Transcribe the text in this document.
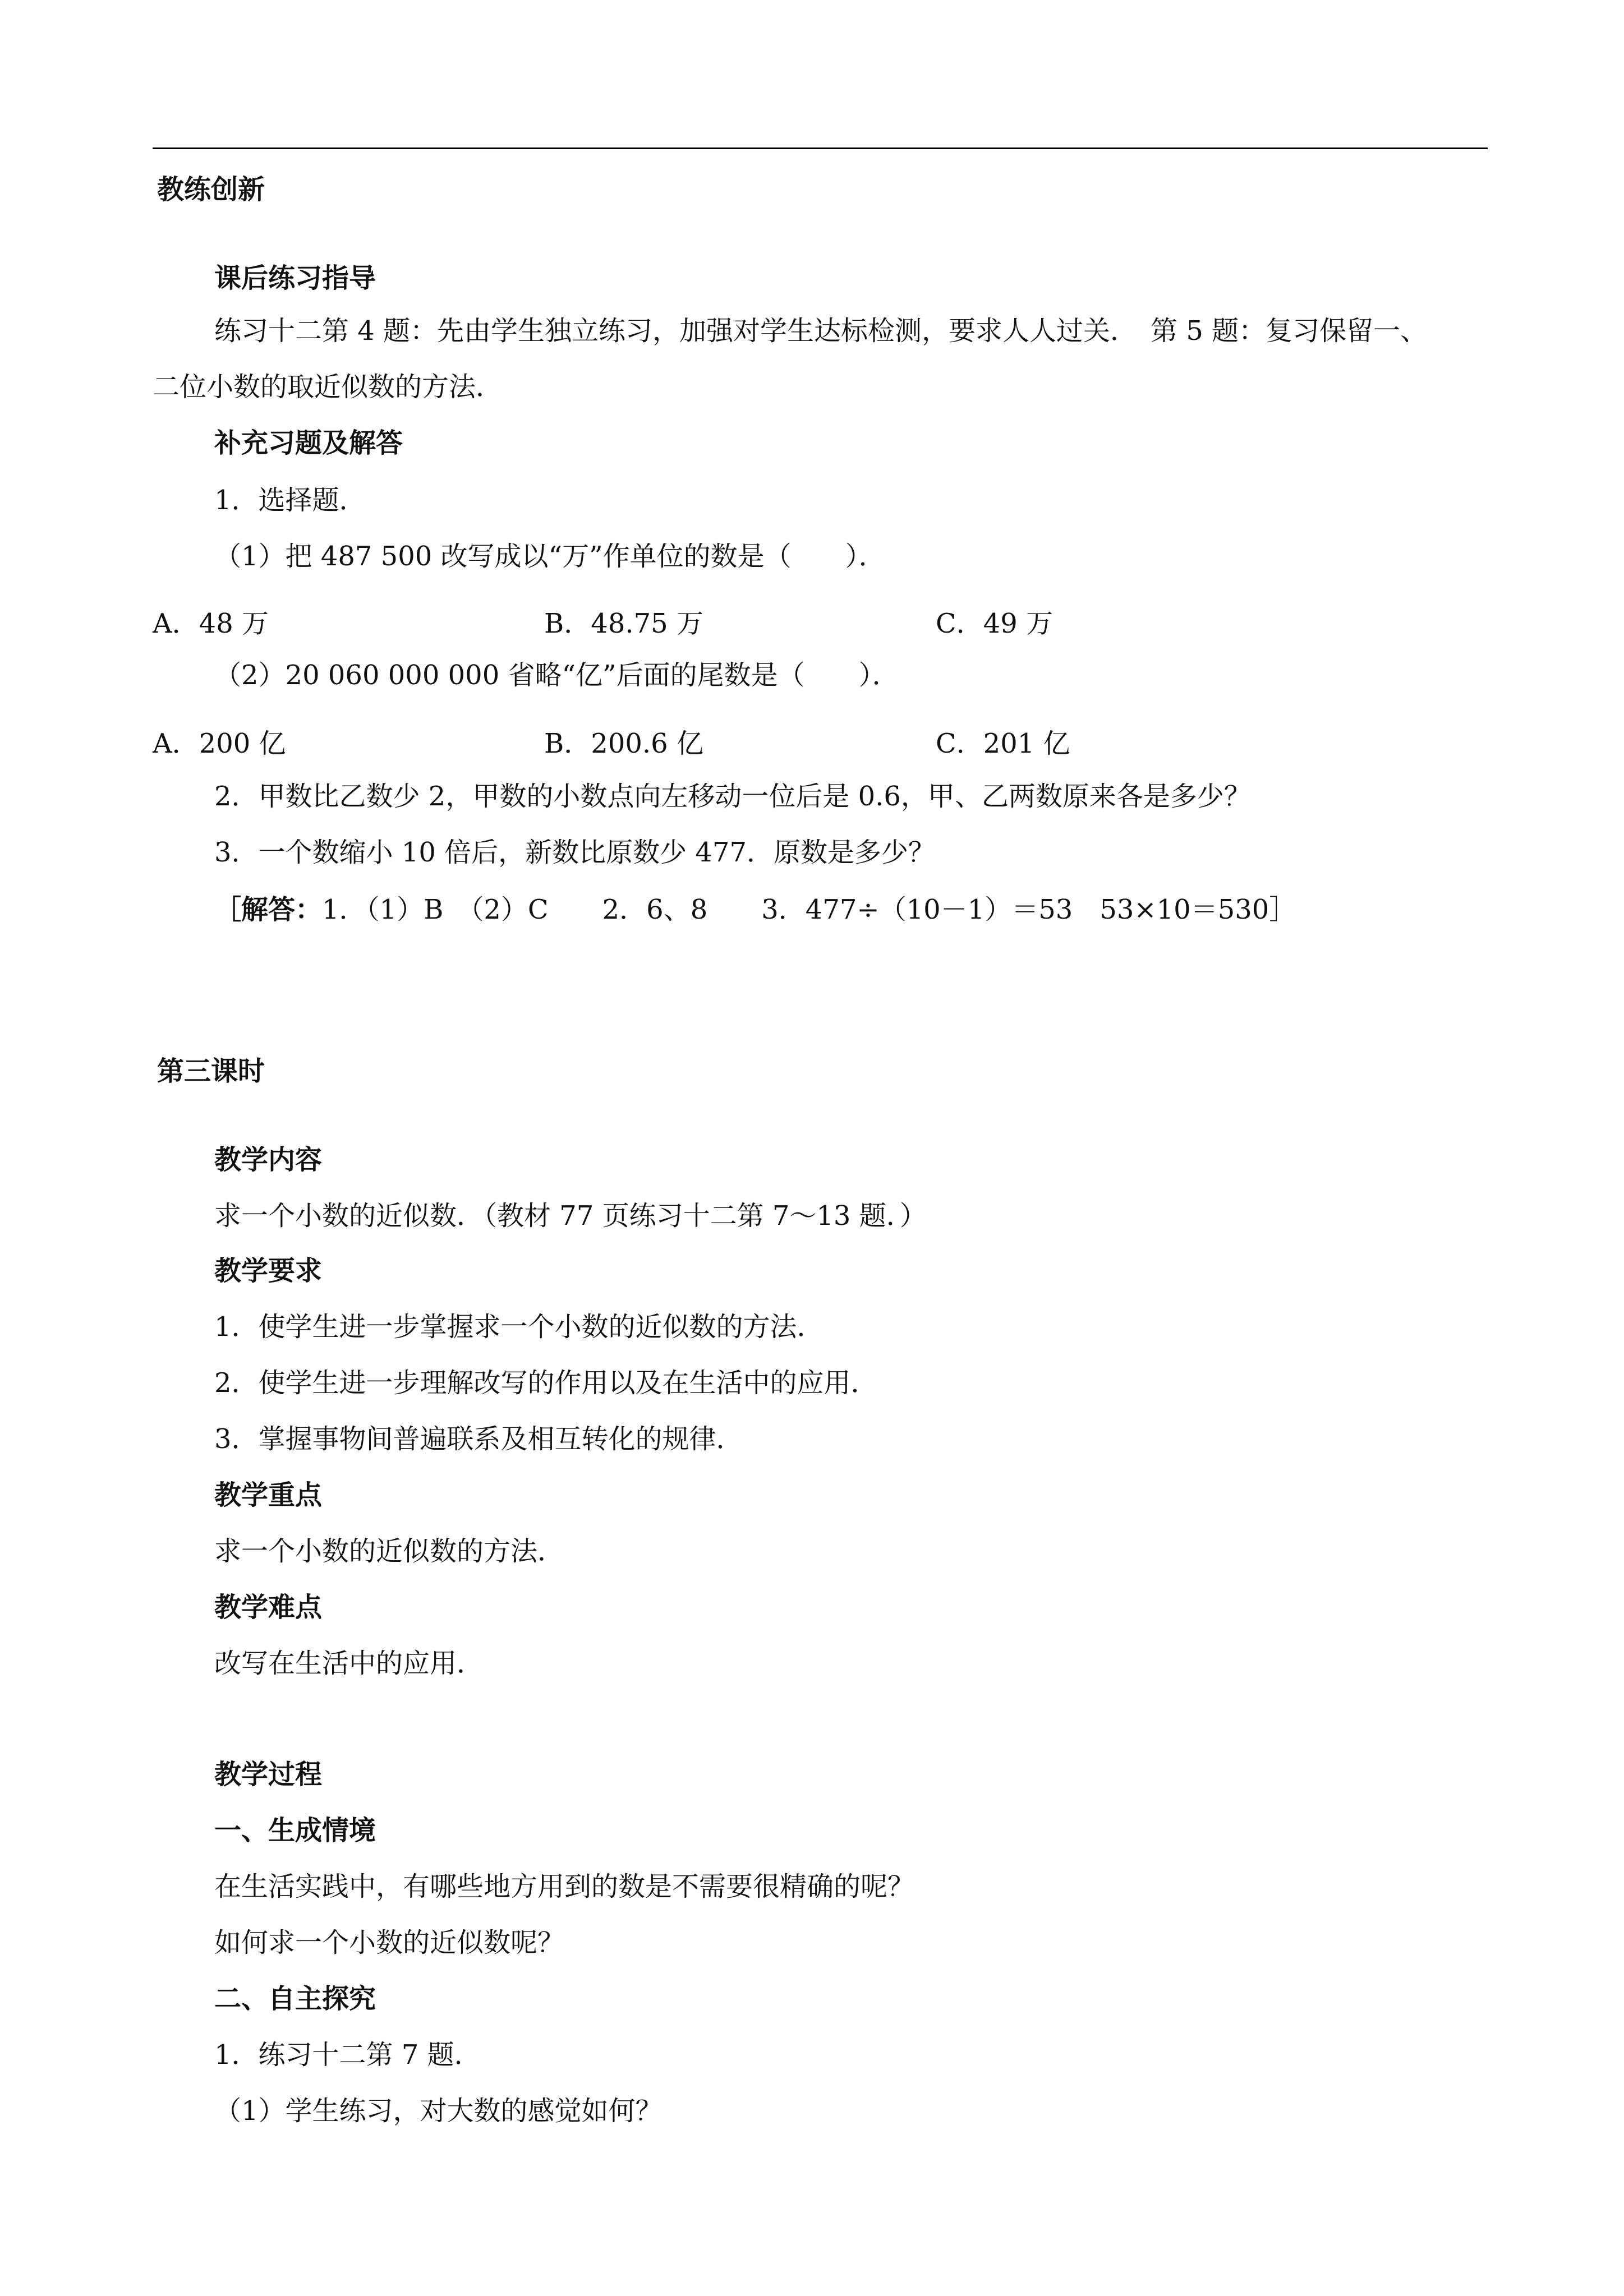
教练创新
课后练习指导
练习十二第 4 题：先由学生独立练习，加强对学生达标检测，要求人人过关．　第 5 题：复习保留一、
二位小数的取近似数的方法．
补充习题及解答
1．选择题．
（1）把 487 500 改写成以“万”作单位的数是（　　）．
A．48 万	B．48.75 万	C．49 万
（2）20 060 000 000 省略“亿”后面的尾数是（　　）．
A．200 亿	B．200.6 亿	C．201 亿
2．甲数比乙数少 2，甲数的小数点向左移动一位后是 0.6，甲、乙两数原来各是多少？
3．一个数缩小 10 倍后，新数比原数少 477．原数是多少？
［解答：1．（1）B　（2）C　　2．6、8　　3．477÷（10－1）＝53　53×10＝530］
第三课时
教学内容
求一个小数的近似数．（教材 77 页练习十二第 7～13 题．）
教学要求
1．使学生进一步掌握求一个小数的近似数的方法．
2．使学生进一步理解改写的作用以及在生活中的应用．
3．掌握事物间普遍联系及相互转化的规律．
教学重点
求一个小数的近似数的方法．
教学难点
改写在生活中的应用．
教学过程
一、生成情境
在生活实践中，有哪些地方用到的数是不需要很精确的呢？
如何求一个小数的近似数呢？
二、自主探究
1．练习十二第 7 题．
（1）学生练习，对大数的感觉如何？
